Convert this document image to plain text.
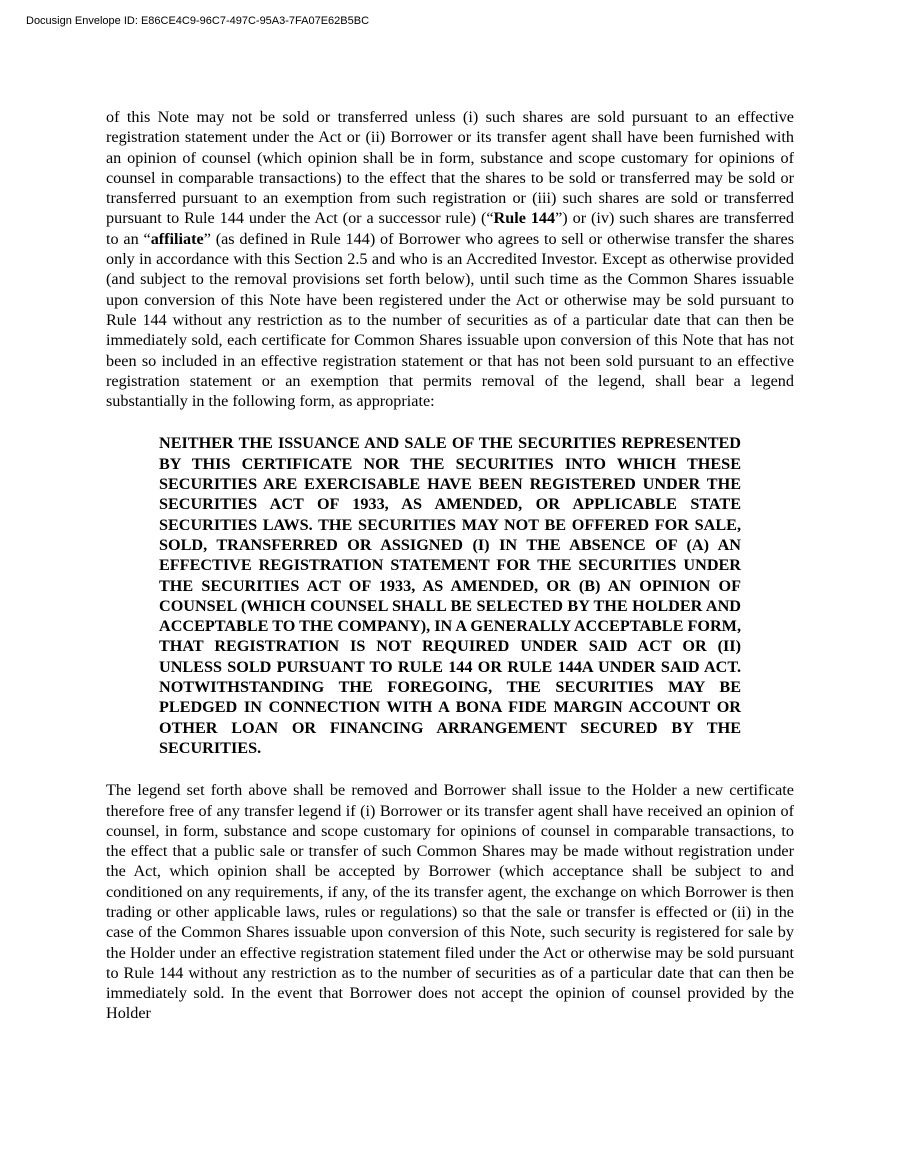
Docusign Envelope ID: E86CE4C9-96C7-497C-95A3-7FA07E62B5BC

of this Note may not be sold or transferred unless (i) such shares are sold pursuant to an effective registration statement under the Act or (ii) Borrower or its transfer agent shall have been furnished with an opinion of counsel (which opinion shall be in form, substance and scope customary for opinions of counsel in comparable transactions) to the effect that the shares to be sold or transferred may be sold or transferred pursuant to an exemption from such registration or (iii) such shares are sold or transferred pursuant to Rule 144 under the Act (or a successor rule) (“Rule 144”) or (iv) such shares are transferred to an “affiliate” (as defined in Rule 144) of Borrower who agrees to sell or otherwise transfer the shares only in accordance with this Section 2.5 and who is an Accredited Investor. Except as otherwise provided (and subject to the removal provisions set forth below), until such time as the Common Shares issuable upon conversion of this Note have been registered under the Act or otherwise may be sold pursuant to Rule 144 without any restriction as to the number of securities as of a particular date that can then be immediately sold, each certificate for Common Shares issuable upon conversion of this Note that has not been so included in an effective registration statement or that has not been sold pursuant to an effective registration statement or an exemption that permits removal of the legend, shall bear a legend substantially in the following form, as appropriate:

NEITHER THE ISSUANCE AND SALE OF THE SECURITIES REPRESENTED BY THIS CERTIFICATE NOR THE SECURITIES INTO WHICH THESE SECURITIES ARE EXERCISABLE HAVE BEEN REGISTERED UNDER THE SECURITIES ACT OF 1933, AS AMENDED, OR APPLICABLE STATE SECURITIES LAWS. THE SECURITIES MAY NOT BE OFFERED FOR SALE, SOLD, TRANSFERRED OR ASSIGNED (I) IN THE ABSENCE OF (A) AN EFFECTIVE REGISTRATION STATEMENT FOR THE SECURITIES UNDER THE SECURITIES ACT OF 1933, AS AMENDED, OR (B) AN OPINION OF COUNSEL (WHICH COUNSEL SHALL BE SELECTED BY THE HOLDER AND ACCEPTABLE TO THE COMPANY), IN A GENERALLY ACCEPTABLE FORM, THAT REGISTRATION IS NOT REQUIRED UNDER SAID ACT OR (II) UNLESS SOLD PURSUANT TO RULE 144 OR RULE 144A UNDER SAID ACT. NOTWITHSTANDING THE FOREGOING, THE SECURITIES MAY BE PLEDGED IN CONNECTION WITH A BONA FIDE MARGIN ACCOUNT OR OTHER LOAN OR FINANCING ARRANGEMENT SECURED BY THE SECURITIES.

The legend set forth above shall be removed and Borrower shall issue to the Holder a new certificate therefore free of any transfer legend if (i) Borrower or its transfer agent shall have received an opinion of counsel, in form, substance and scope customary for opinions of counsel in comparable transactions, to the effect that a public sale or transfer of such Common Shares may be made without registration under the Act, which opinion shall be accepted by Borrower (which acceptance shall be subject to and conditioned on any requirements, if any, of the its transfer agent, the exchange on which Borrower is then trading or other applicable laws, rules or regulations) so that the sale or transfer is effected or (ii) in the case of the Common Shares issuable upon conversion of this Note, such security is registered for sale by the Holder under an effective registration statement filed under the Act or otherwise may be sold pursuant to Rule 144 without any restriction as to the number of securities as of a particular date that can then be immediately sold. In the event that Borrower does not accept the opinion of counsel provided by the Holder
